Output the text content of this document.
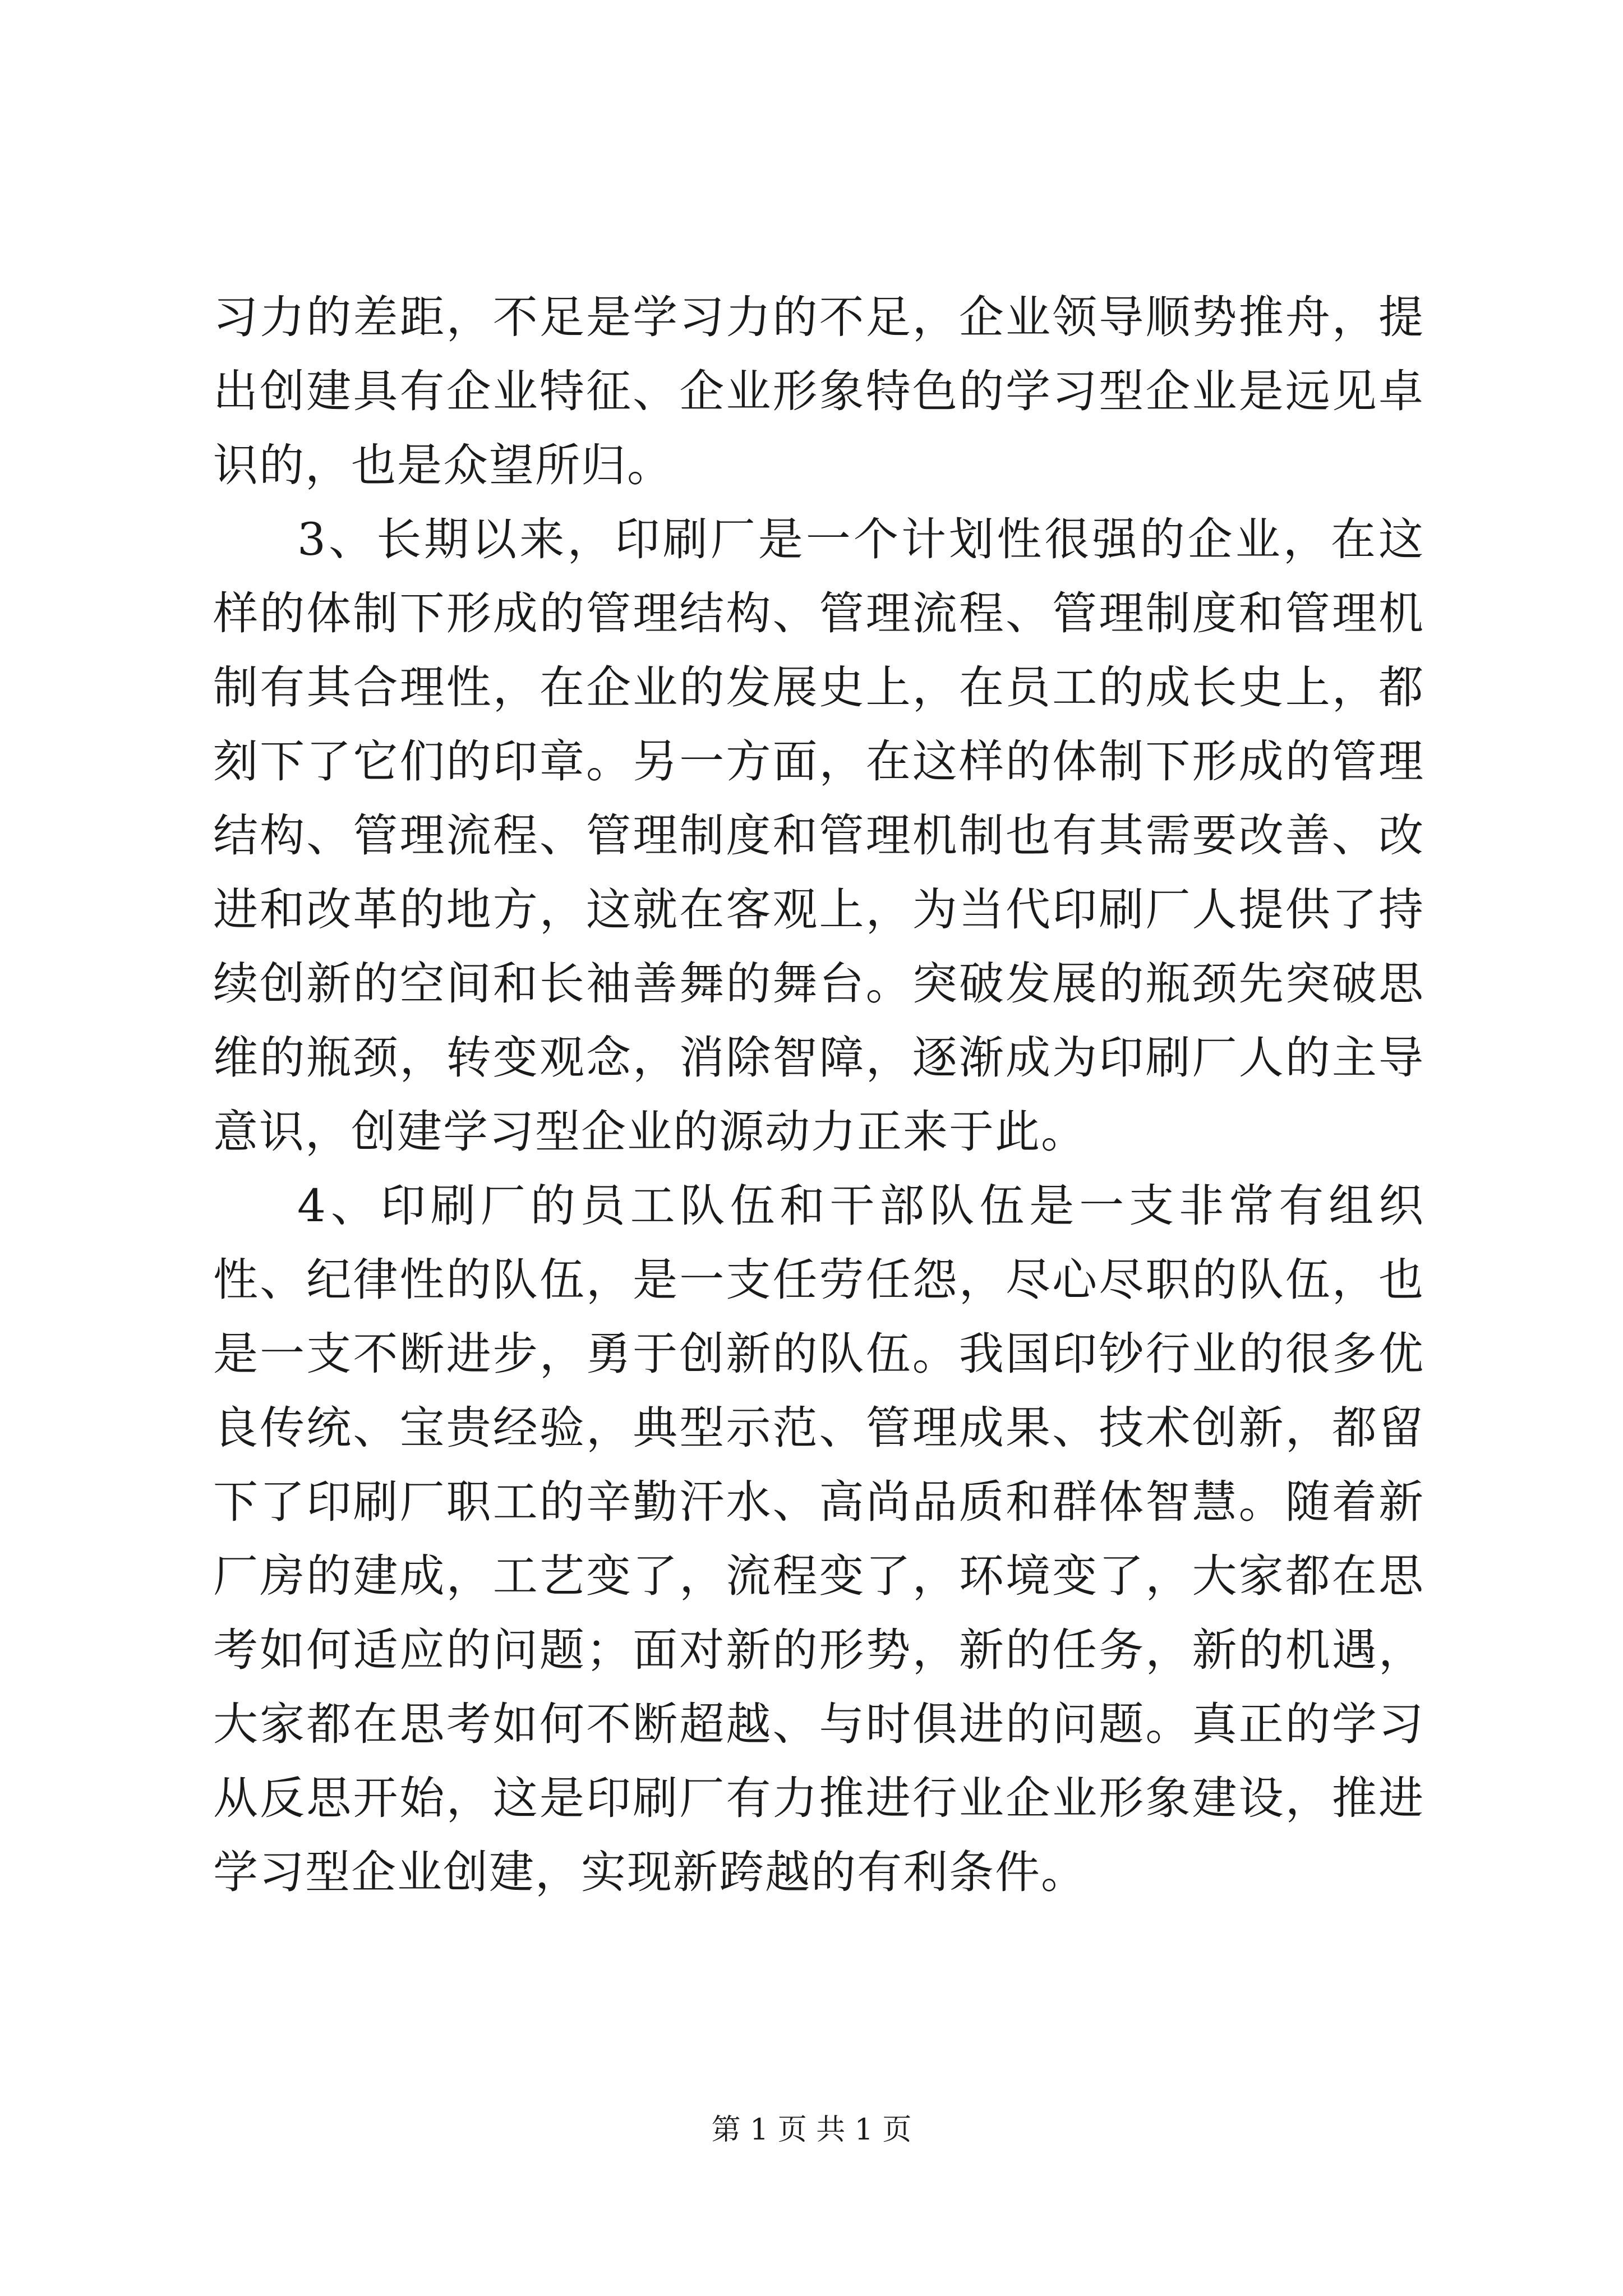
习力的差距，不足是学习力的不足，企业领导顺势推舟，提出创建具有企业特征、企业形象特色的学习型企业是远见卓识的，也是众望所归。

3、长期以来，印刷厂是一个计划性很强的企业，在这样的体制下形成的管理结构、管理流程、管理制度和管理机制有其合理性，在企业的发展史上，在员工的成长史上，都刻下了它们的印章。另一方面，在这样的体制下形成的管理结构、管理流程、管理制度和管理机制也有其需要改善、改进和改革的地方，这就在客观上，为当代印刷厂人提供了持续创新的空间和长袖善舞的舞台。突破发展的瓶颈先突破思维的瓶颈，转变观念，消除智障，逐渐成为印刷厂人的主导意识，创建学习型企业的源动力正来于此。

4、印刷厂的员工队伍和干部队伍是一支非常有组织性、纪律性的队伍，是一支任劳任怨，尽心尽职的队伍，也是一支不断进步，勇于创新的队伍。我国印钞行业的很多优良传统、宝贵经验，典型示范、管理成果、技术创新，都留下了印刷厂职工的辛勤汗水、高尚品质和群体智慧。随着新厂房的建成，工艺变了，流程变了，环境变了，大家都在思考如何适应的问题；面对新的形势，新的任务，新的机遇，大家都在思考如何不断超越、与时俱进的问题。真正的学习从反思开始，这是印刷厂有力推进行业企业形象建设，推进学习型企业创建，实现新跨越的有利条件。

第 1 页 共 1 页
